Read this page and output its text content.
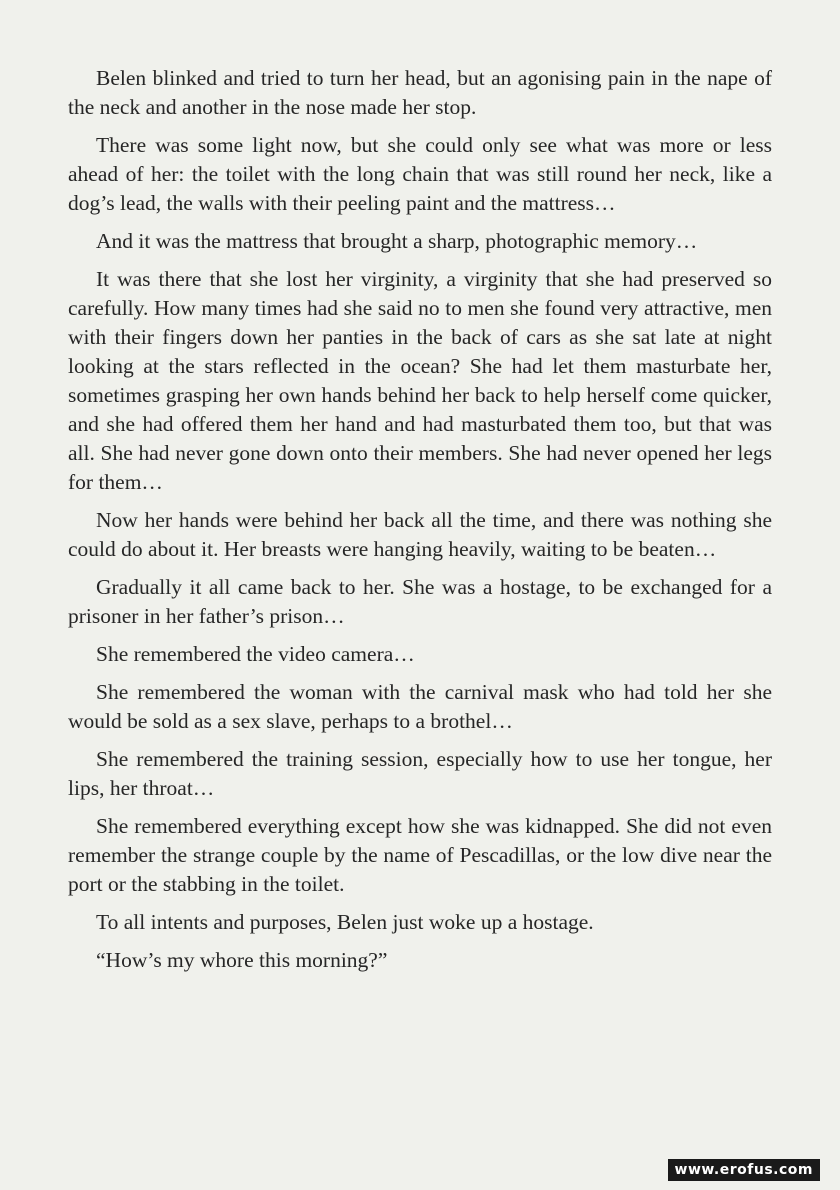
Belen blinked and tried to turn her head, but an agonising pain in the nape of the neck and another in the nose made her stop.

There was some light now, but she could only see what was more or less ahead of her: the toilet with the long chain that was still round her neck, like a dog’s lead, the walls with their peeling paint and the mattress…

And it was the mattress that brought a sharp, photographic memory…

It was there that she lost her virginity, a virginity that she had preserved so carefully. How many times had she said no to men she found very attractive, men with their fingers down her panties in the back of cars as she sat late at night looking at the stars reflected in the ocean? She had let them masturbate her, sometimes grasping her own hands behind her back to help herself come quicker, and she had offered them her hand and had masturbated them too, but that was all. She had never gone down onto their members. She had never opened her legs for them…

Now her hands were behind her back all the time, and there was nothing she could do about it. Her breasts were hanging heavily, waiting to be beaten…

Gradually it all came back to her. She was a hostage, to be exchanged for a prisoner in her father’s prison…

She remembered the video camera…

She remembered the woman with the carnival mask who had told her she would be sold as a sex slave, perhaps to a brothel…

She remembered the training session, especially how to use her tongue, her lips, her throat…

She remembered everything except how she was kidnapped. She did not even remember the strange couple by the name of Pescadillas, or the low dive near the port or the stabbing in the toilet.

To all intents and purposes, Belen just woke up a hostage.

“How’s my whore this morning?”

www.erofus.com
